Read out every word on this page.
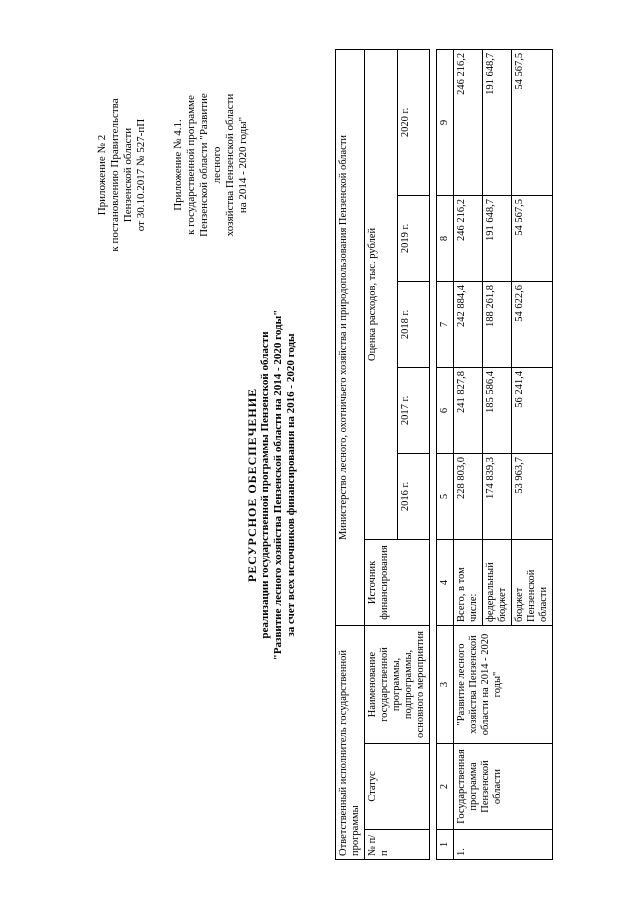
Приложение № 2 к постановлению Правительства Пензенской области от 30.10.2017 № 527-пП Приложение № 4.1. к государственной программе Пензенской области "Развитие лесного хозяйства Пензенской области на 2014 - 2020 годы"
РЕСУРСНОЕ ОБЕСПЕЧЕНИЕ реализации государственной программы Пензенской области "Развитие лесного хозяйства Пензенской области на 2014 - 2020 годы" за счет всех источников финансирования на 2016 - 2020 годы
Ответственный исполнитель государственной программы			Министерство лесного, охотничьего хозяйства и природопользования Пензенской области					
№ п/п	Статус	Наименование государственной программы, подпрограммы, основного мероприятия	Источник финансирования	Оценка расходов, тыс. рублей				
				2016 г.	2017 г.	2018 г.	2019 г.	2020 г.

1	2	3	4	5	6	7	8	9
1.	Государственная программа Пензенской области	"Развитие лесного хозяйства Пензенской области на 2014 - 2020 годы"	Всего, в том числе:	228 803,0	241 827,8	242 884,4	246 216,2	246 216,2
			федеральный бюджет	174 839,3	185 586,4	188 261,8	191 648,7	191 648,7
			бюджет Пензенской области	53 963,7	56 241,4	54 622,6	54 567,5	54 567,5
